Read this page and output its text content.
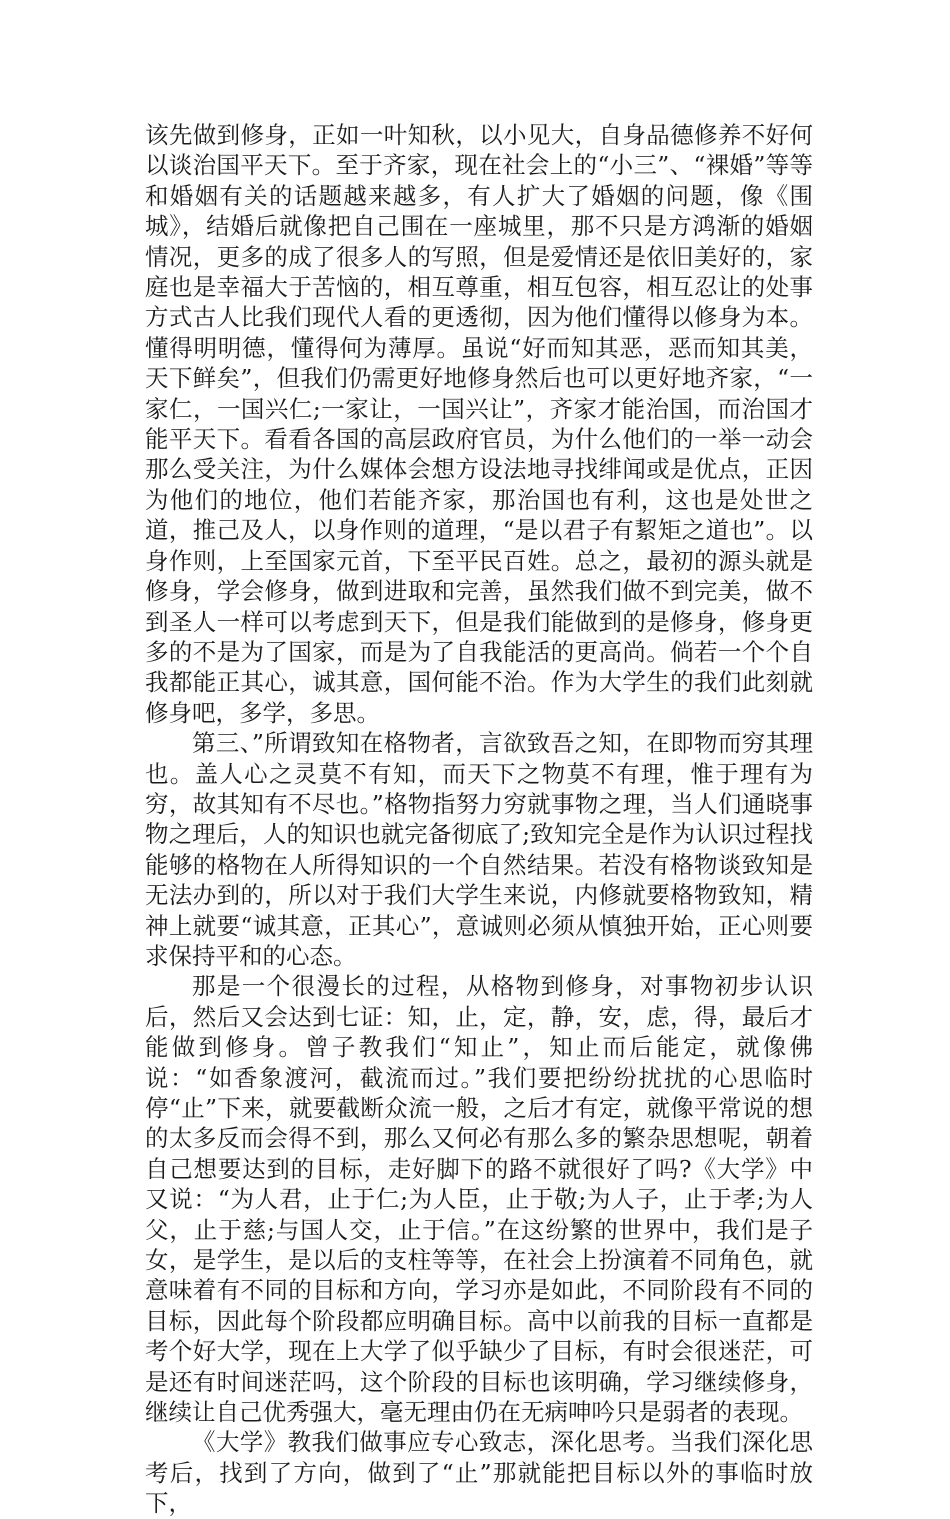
该先做到修身，正如一叶知秋，以小见大，自身品德修养不好何以谈治国平天下。至于齐家，现在社会上的“小三”、“裸婚”等等和婚姻有关的话题越来越多，有人扩大了婚姻的问题，像《围城》，结婚后就像把自己围在一座城里，那不只是方鸿渐的婚姻情况，更多的成了很多人的写照，但是爱情还是依旧美好的，家庭也是幸福大于苦恼的，相互尊重，相互包容，相互忍让的处事方式古人比我们现代人看的更透彻，因为他们懂得以修身为本。懂得明明德，懂得何为薄厚。虽说“好而知其恶，恶而知其美，天下鲜矣”，但我们仍需更好地修身然后也可以更好地齐家，“一家仁，一国兴仁;一家让，一国兴让”，齐家才能治国，而治国才能平天下。看看各国的高层政府官员，为什么他们的一举一动会那么受关注，为什么媒体会想方设法地寻找绯闻或是优点，正因为他们的地位，他们若能齐家，那治国也有利，这也是处世之道，推己及人，以身作则的道理，“是以君子有絜矩之道也”。以身作则，上至国家元首，下至平民百姓。总之，最初的源头就是修身，学会修身，做到进取和完善，虽然我们做不到完美，做不到圣人一样可以考虑到天下，但是我们能做到的是修身，修身更多的不是为了国家，而是为了自我能活的更高尚。倘若一个个自我都能正其心，诚其意，国何能不治。作为大学生的我们此刻就修身吧，多学，多思。

第三、”所谓致知在格物者，言欲致吾之知，在即物而穷其理也。盖人心之灵莫不有知，而天下之物莫不有理，惟于理有为穷，故其知有不尽也。”格物指努力穷就事物之理，当人们通晓事物之理后，人的知识也就完备彻底了;致知完全是作为认识过程找能够的格物在人所得知识的一个自然结果。若没有格物谈致知是无法办到的，所以对于我们大学生来说，内修就要格物致知，精神上就要“诚其意，正其心”，意诚则必须从慎独开始，正心则要求保持平和的心态。

那是一个很漫长的过程，从格物到修身，对事物初步认识后，然后又会达到七证：知，止，定，静，安，虑，得，最后才能做到修身。曾子教我们“知止”，知止而后能定，就像佛说：“如香象渡河，截流而过。”我们要把纷纷扰扰的心思临时停“止”下来，就要截断众流一般，之后才有定，就像平常说的想的太多反而会得不到，那么又何必有那么多的繁杂思想呢，朝着自己想要达到的目标，走好脚下的路不就很好了吗?《大学》中又说：“为人君，止于仁;为人臣，止于敬;为人子，止于孝;为人父，止于慈;与国人交，止于信。”在这纷繁的世界中，我们是子女，是学生，是以后的支柱等等，在社会上扮演着不同角色，就意味着有不同的目标和方向，学习亦是如此，不同阶段有不同的目标，因此每个阶段都应明确目标。高中以前我的目标一直都是考个好大学，现在上大学了似乎缺少了目标，有时会很迷茫，可是还有时间迷茫吗，这个阶段的目标也该明确，学习继续修身，继续让自己优秀强大，毫无理由仍在无病呻吟只是弱者的表现。

《大学》教我们做事应专心致志，深化思考。当我们深化思考后，找到了方向，做到了“止”那就能把目标以外的事临时放下，
